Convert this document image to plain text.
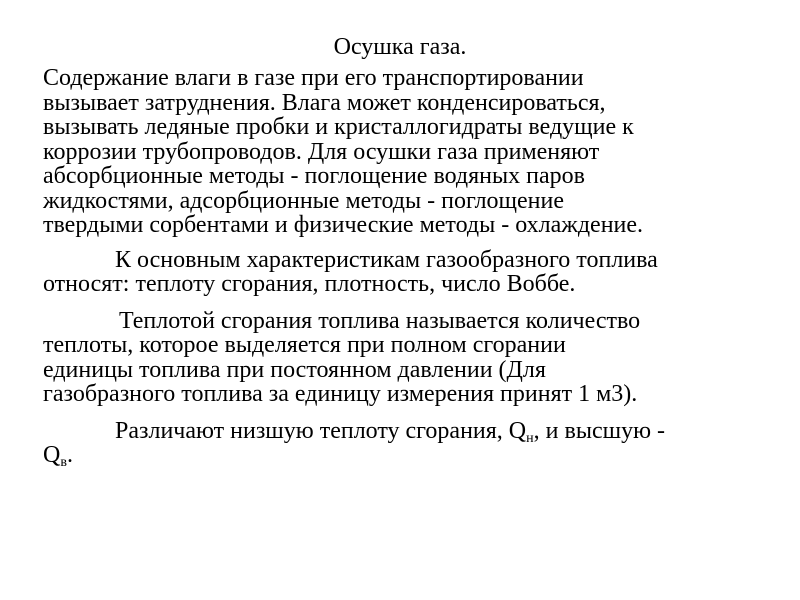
Осушка газа.

Содержание влаги в газе при его транспортировании
вызывает затруднения. Влага может конденсироваться,
вызывать ледяные пробки и кристаллогидраты ведущие к
коррозии трубопроводов. Для осушки газа применяют
абсорбционные методы - поглощение водяных паров
жидкостями, адсорбционные методы - поглощение
твердыми сорбентами и физические методы - охлаждение.

К основным характеристикам газообразного топлива
относят: теплоту сгорания, плотность, число Воббе.

Теплотой сгорания топлива называется количество
теплоты, которое выделяется при полном сгорании
единицы топлива при постоянном давлении (Для
газобразного топлива за единицу измерения принят 1 м3).

Различают низшую теплоту сгорания, $Q_н$, и высшую -
$Q_в$.
